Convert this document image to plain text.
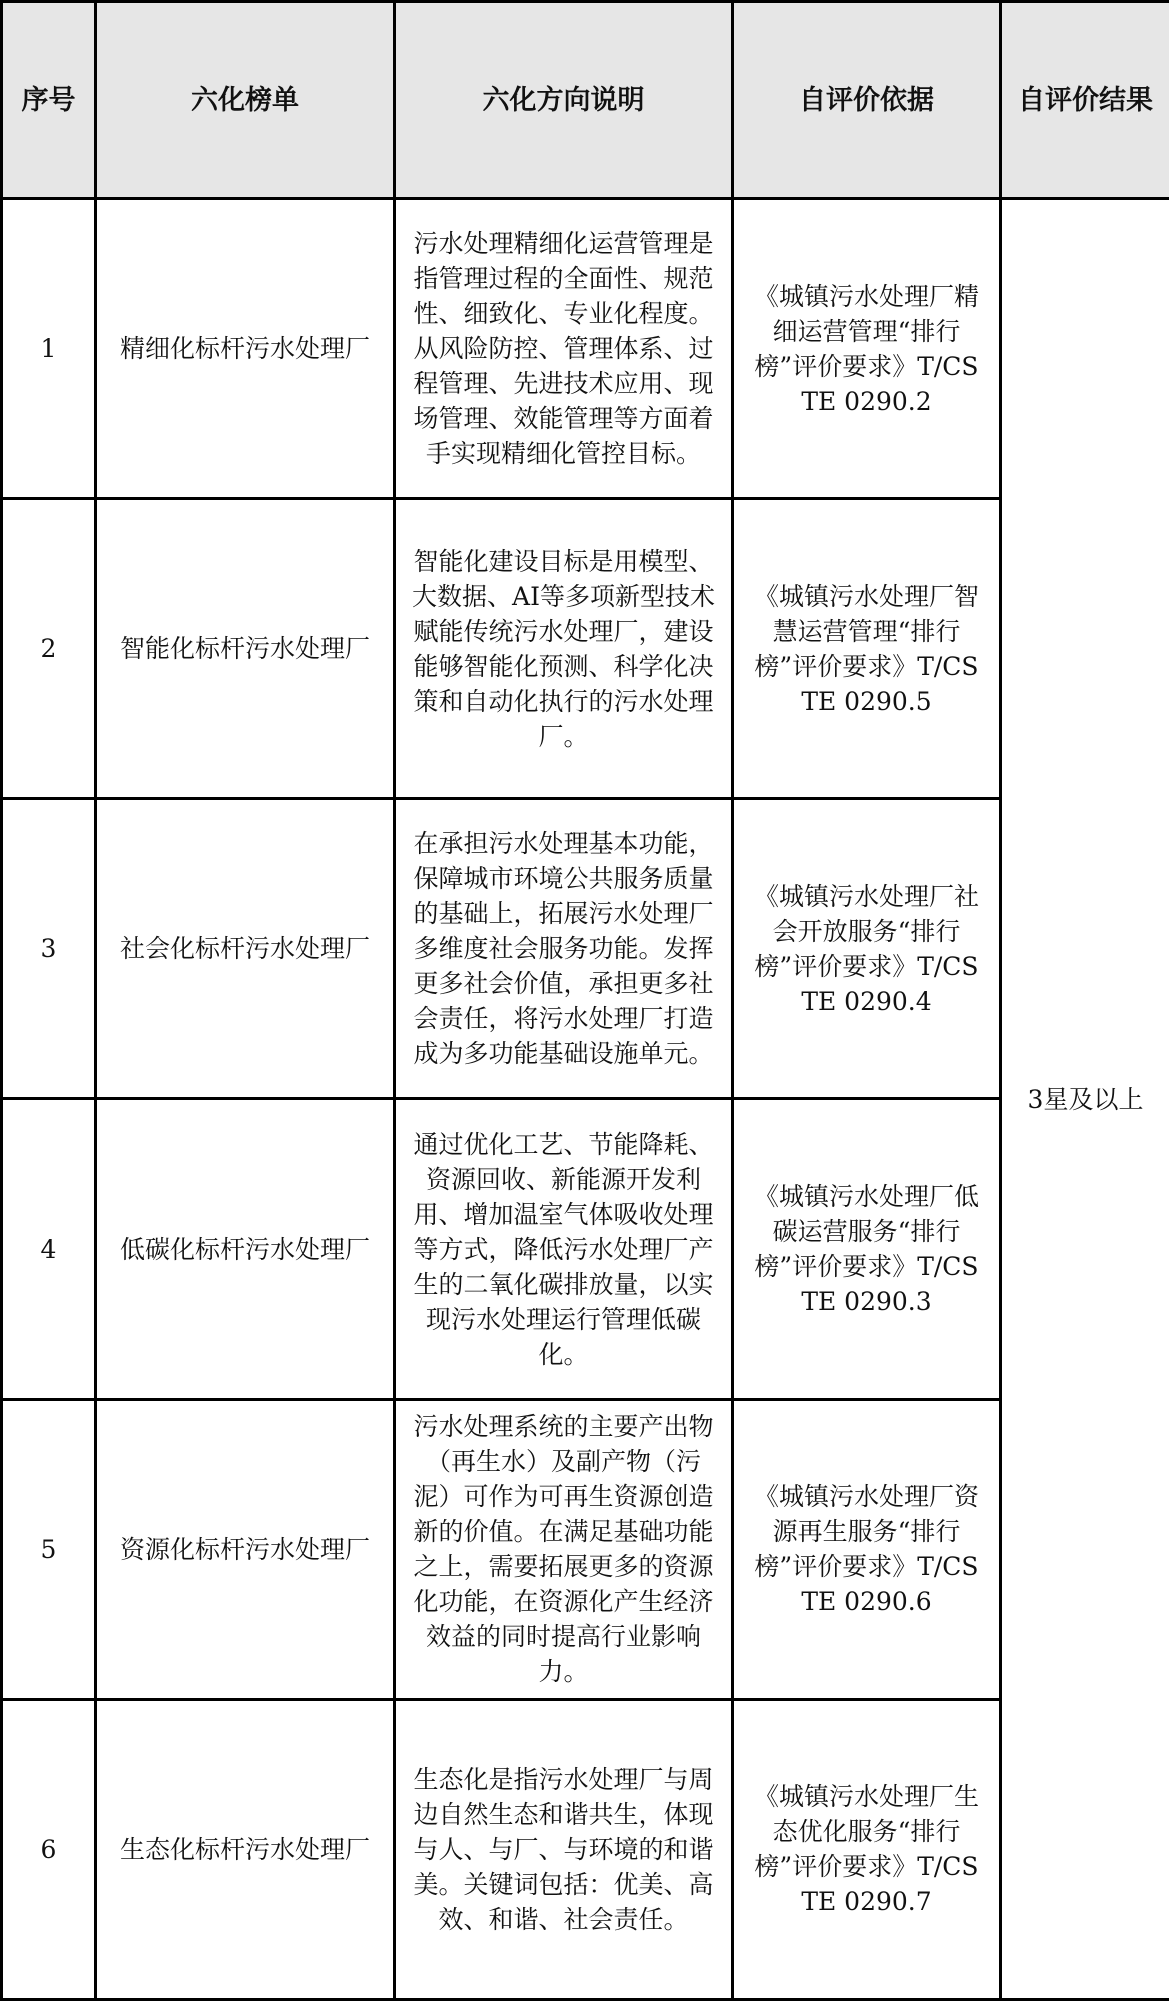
序号	六化榜单	六化方向说明	自评价依据	自评价结果
1	精细化标杆污水处理厂	污水处理精细化运营管理是指管理过程的全面性、规范性、细致化、专业化程度。从风险防控、管理体系、过程管理、先进技术应用、现场管理、效能管理等方面着手实现精细化管控目标。	《城镇污水处理厂精细运营管理“排行榜”评价要求》T/CSTE 0290.2	3星及以上
2	智能化标杆污水处理厂	智能化建设目标是用模型、大数据、AI等多项新型技术赋能传统污水处理厂，建设能够智能化预测、科学化决策和自动化执行的污水处理厂。	《城镇污水处理厂智慧运营管理“排行榜”评价要求》T/CSTE 0290.5	
3	社会化标杆污水处理厂	在承担污水处理基本功能，保障城市环境公共服务质量的基础上，拓展污水处理厂多维度社会服务功能。发挥更多社会价值，承担更多社会责任，将污水处理厂打造成为多功能基础设施单元。	《城镇污水处理厂社会开放服务“排行榜”评价要求》T/CSTE 0290.4	
4	低碳化标杆污水处理厂	通过优化工艺、节能降耗、资源回收、新能源开发利用、增加温室气体吸收处理等方式，降低污水处理厂产生的二氧化碳排放量，以实现污水处理运行管理低碳化。	《城镇污水处理厂低碳运营服务“排行榜”评价要求》T/CSTE 0290.3	
5	资源化标杆污水处理厂	污水处理系统的主要产出物（再生水）及副产物（污泥）可作为可再生资源创造新的价值。在满足基础功能之上，需要拓展更多的资源化功能，在资源化产生经济效益的同时提高行业影响力。	《城镇污水处理厂资源再生服务“排行榜”评价要求》T/CSTE 0290.6	
6	生态化标杆污水处理厂	生态化是指污水处理厂与周边自然生态和谐共生，体现与人、与厂、与环境的和谐美。关键词包括：优美、高效、和谐、社会责任。	《城镇污水处理厂生态优化服务“排行榜”评价要求》T/CSTE 0290.7	
